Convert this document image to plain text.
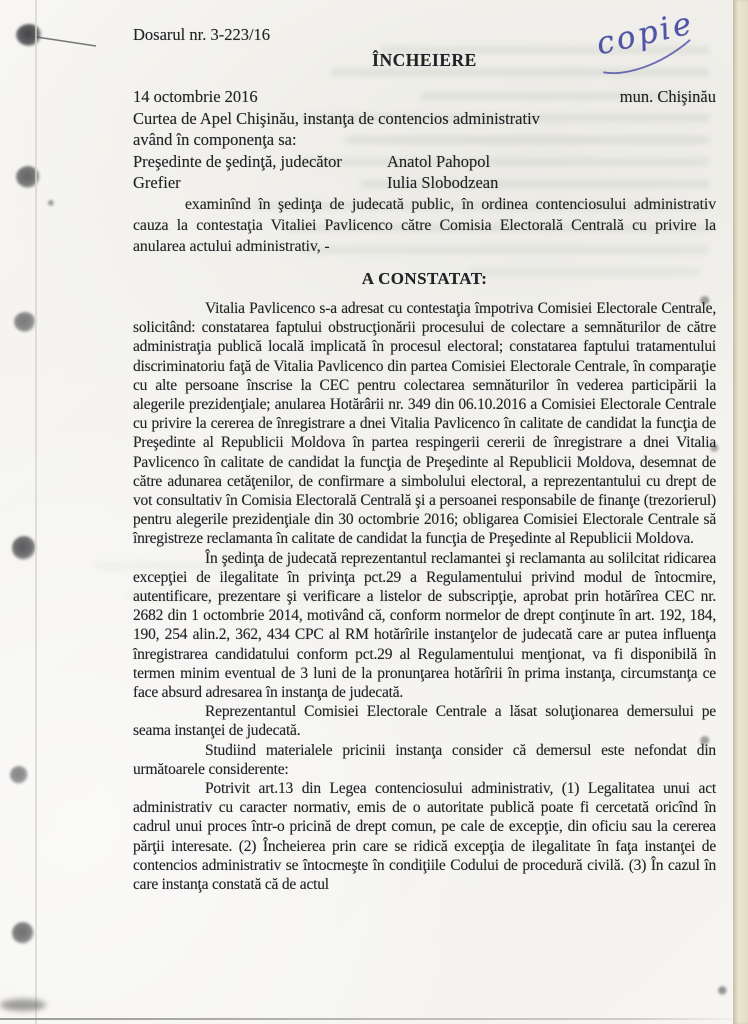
copie
Dosarul nr. 3-223/16
ÎNCHEIERE
14 octombrie 2016	mun. Chişinău
Curtea de Apel Chişinău, instanţa de contencios administrativ
având în componenţa sa:
Preşedinte de şedinţă, judecător	Anatol Pahopol
Grefier	Iulia Slobodzean

examinînd în şedinţa de judecată public, în ordinea contenciosului administrativ cauza la contestaţia Vitaliei Pavlicenco către Comisia Electorală Centrală cu privire la anularea actului administrativ, -

A CONSTATAT:

Vitalia Pavlicenco s-a adresat cu contestaţia împotriva Comisiei Electorale Centrale, solicitând: constatarea faptului obstrucţionării procesului de colectare a semnăturilor de către administraţia publică locală implicată în procesul electoral; constatarea faptului tratamentului discriminatoriu faţă de Vitalia Pavlicenco din partea Comisiei Electorale Centrale, în comparaţie cu alte persoane înscrise la CEC pentru colectarea semnăturilor în vederea participării la alegerile prezidenţiale; anularea Hotărârii nr. 349 din 06.10.2016 a Comisiei Electorale Centrale cu privire la cererea de înregistrare a dnei Vitalia Pavlicenco în calitate de candidat la funcţia de Preşedinte al Republicii Moldova în partea respingerii cererii de înregistrare a dnei Vitalia Pavlicenco în calitate de candidat la funcţia de Preşedinte al Republicii Moldova, desemnat de către adunarea cetăţenilor, de confirmare a simbolului electoral, a reprezentantului cu drept de vot consultativ în Comisia Electorală Centrală şi a persoanei responsabile de finanţe (trezorierul) pentru alegerile prezidenţiale din 30 octombrie 2016; obligarea Comisiei Electorale Centrale să înregistreze reclamanta în calitate de candidat la funcţia de Preşedinte al Republicii Moldova.

În şedinţa de judecată reprezentantul reclamantei şi reclamanta au solilcitat ridicarea excepţiei de ilegalitate în privinţa pct.29 a Regulamentului privind modul de întocmire, autentificare, prezentare şi verificare a listelor de subscripţie, aprobat prin hotărîrea CEC nr. 2682 din 1 octombrie 2014, motivând că, conform normelor de drept conţinute în art. 192, 184, 190, 254 alin.2, 362, 434 CPC al RM hotărîrile instanţelor de judecată care ar putea influenţa înregistrarea candidatului conform pct.29 al Regulamentului menţionat, va fi disponibilă în termen minim eventual de 3 luni de la pronunţarea hotărîrii în prima instanţa, circumstanţa ce face absurd adresarea în instanţa de judecată.

Reprezentantul Comisiei Electorale Centrale a lăsat soluţionarea demersului pe seama instanţei de judecată.

Studiind materialele pricinii instanţa consider că demersul este nefondat din următoarele considerente:

Potrivit art.13 din Legea contenciosului administrativ, (1) Legalitatea unui act administrativ cu caracter normativ, emis de o autoritate publică poate fi cercetată oricînd în cadrul unui proces într-o pricină de drept comun, pe cale de excepţie, din oficiu sau la cererea părţii interesate. (2) Încheierea prin care se ridică excepţia de ilegalitate în faţa instanţei de contencios administrativ se întocmeşte în condiţiile Codului de procedură civilă. (3) În cazul în care instanţa constată că de actul
